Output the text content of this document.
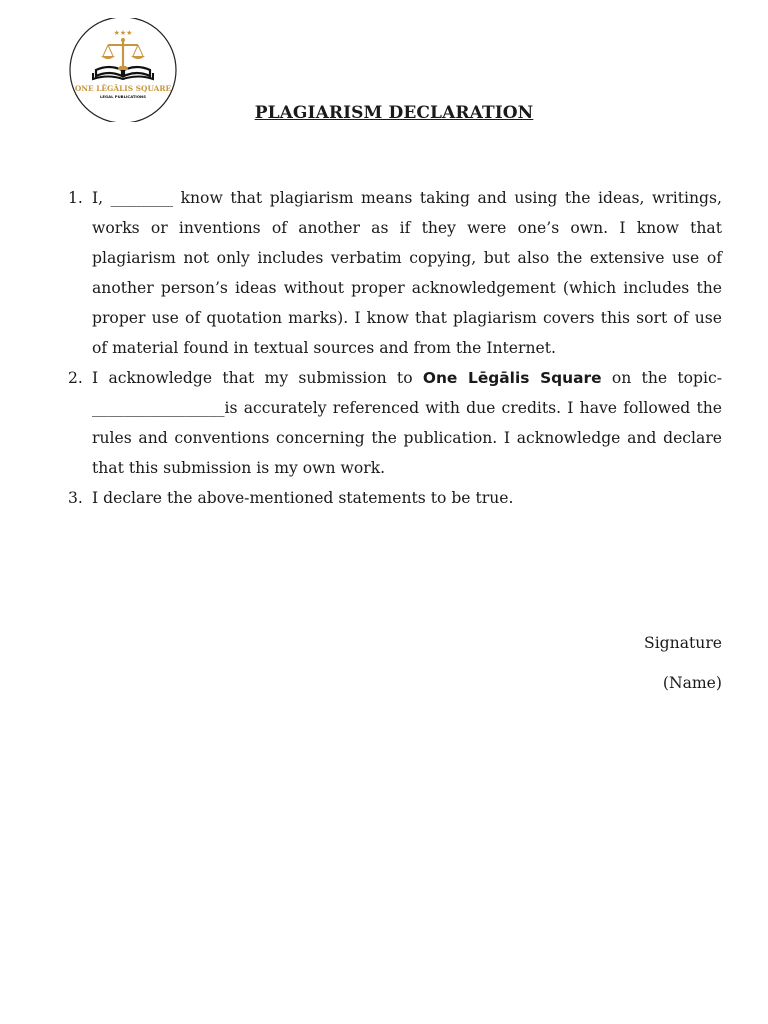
★★★
ONE LĒGĀLIS SQUARE
LEGAL PUBLICATIONS
PLAGIARISM DECLARATION
1. I, ________ know that plagiarism means taking and using the ideas, writings, works or inventions of another as if they were one’s own. I know that plagiarism not only includes verbatim copying, but also the extensive use of another person’s ideas without proper acknowledgement (which includes the proper use of quotation marks). I know that plagiarism covers this sort of use of material found in textual sources and from the Internet.
2. I acknowledge that my submission to One Lēgālis Square on the topic- _________________is accurately referenced with due credits. I have followed the rules and conventions concerning the publication. I acknowledge and declare that this submission is my own work.
3. I declare the above-mentioned statements to be true.
Signature
(Name)
